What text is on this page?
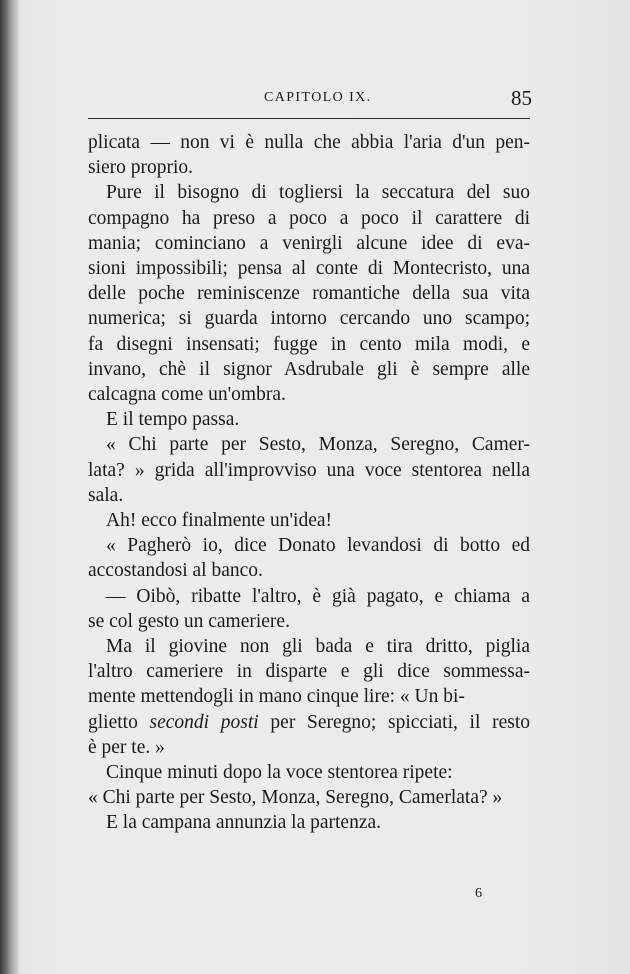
CAPITOLO IX.	85

plicata — non vi è nulla che abbia l'aria d'un pen-
siero proprio.

Pure il bisogno di togliersi la seccatura del suo
compagno ha preso a poco a poco il carattere di
mania; cominciano a venirgli alcune idee di eva-
sioni impossibili; pensa al conte di Montecristo, una
delle poche reminiscenze romantiche della sua vita
numerica; si guarda intorno cercando uno scampo;
fa disegni insensati; fugge in cento mila modi, e
invano, chè il signor Asdrubale gli è sempre alle
calcagna come un'ombra.

E il tempo passa.

« Chi parte per Sesto, Monza, Seregno, Camer-
lata? » grida all'improvviso una voce stentorea nella
sala.

Ah! ecco finalmente un'idea!

« Pagherò io, dice Donato levandosi di botto ed
accostandosi al banco.

— Oibò, ribatte l'altro, è già pagato, e chiama a
se col gesto un cameriere.

Ma il giovine non gli bada e tira dritto, piglia
l'altro cameriere in disparte e gli dice sommessa-
mente mettendogli in mano cinque lire: « Un bi-

glietto secondi posti per Seregno; spicciati, il resto
è per te. »

Cinque minuti dopo la voce stentorea ripete:

« Chi parte per Sesto, Monza, Seregno, Camerlata? »

E la campana annunzia la partenza.

6
